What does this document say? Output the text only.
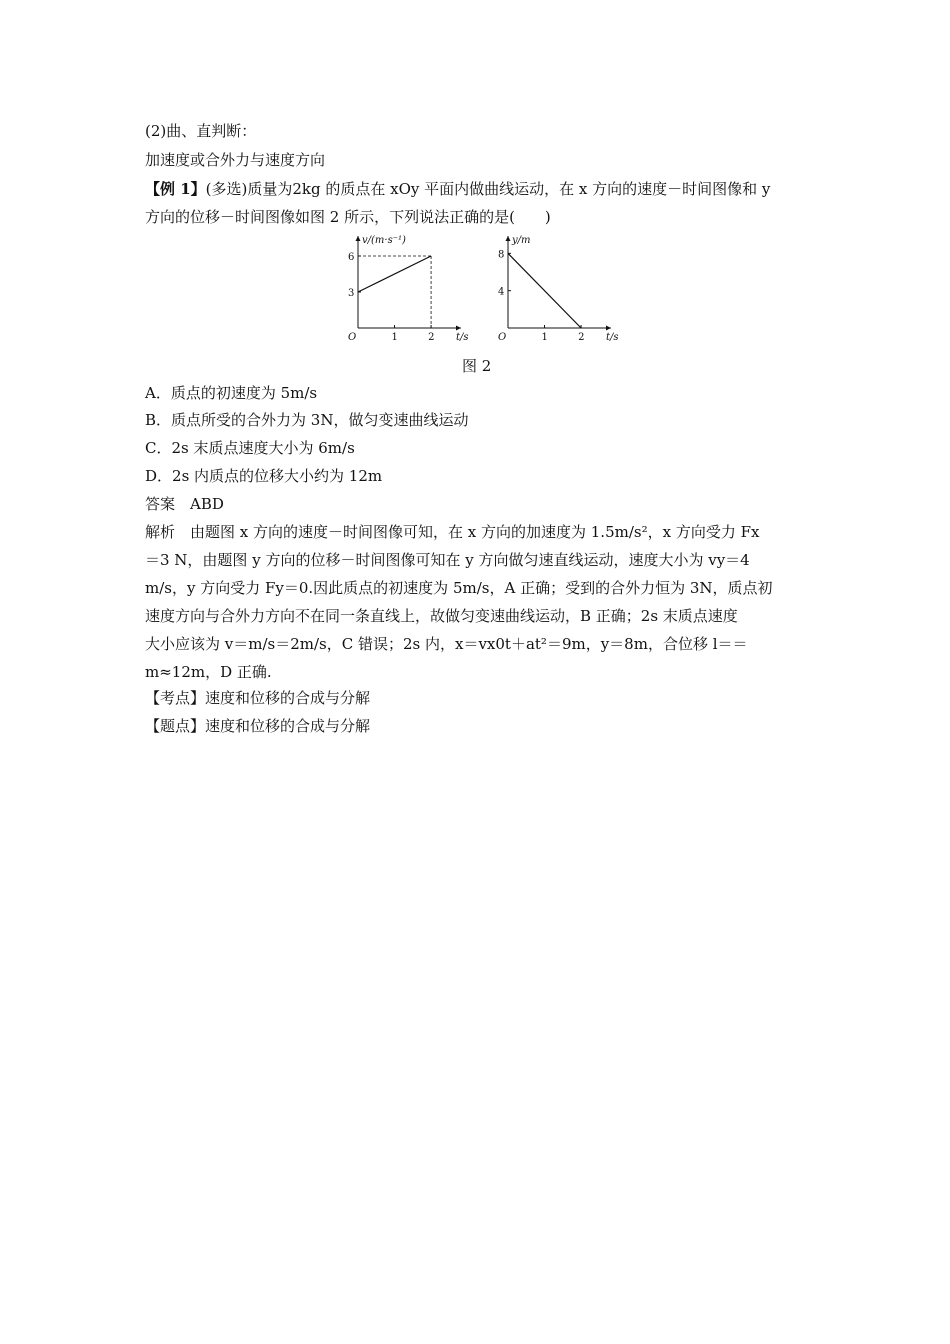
(2)曲、直判断：
加速度或合外力与速度方向
【例 1】(多选)质量为2kg 的质点在 xOy 平面内做曲线运动，在 x 方向的速度－时间图像和 y
方向的位移－时间图像如图 2 所示，下列说法正确的是(　　)
v/(m·s⁻¹)
t/s
O	1	2
3
6
y/m
t/s
O	1	2
4
8
图 2
A．质点的初速度为 5m/s
B．质点所受的合外力为 3N，做匀变速曲线运动
C．2s 末质点速度大小为 6m/s
D．2s 内质点的位移大小约为 12m
答案　ABD
解析　由题图 x 方向的速度－时间图像可知，在 x 方向的加速度为 1.5m/s²，x 方向受力 Fx
＝3 N，由题图 y 方向的位移－时间图像可知在 y 方向做匀速直线运动，速度大小为 vy＝4
m/s，y 方向受力 Fy＝0.因此质点的初速度为 5m/s，A 正确；受到的合外力恒为 3N，质点初
速度方向与合外力方向不在同一条直线上，故做匀变速曲线运动，B 正确；2s 末质点速度
大小应该为 v＝m/s＝2m/s，C 错误；2s 内，x＝vx0t＋at²＝9m，y＝8m，合位移 l＝＝
m≈12m，D 正确.
【考点】速度和位移的合成与分解
【题点】速度和位移的合成与分解
